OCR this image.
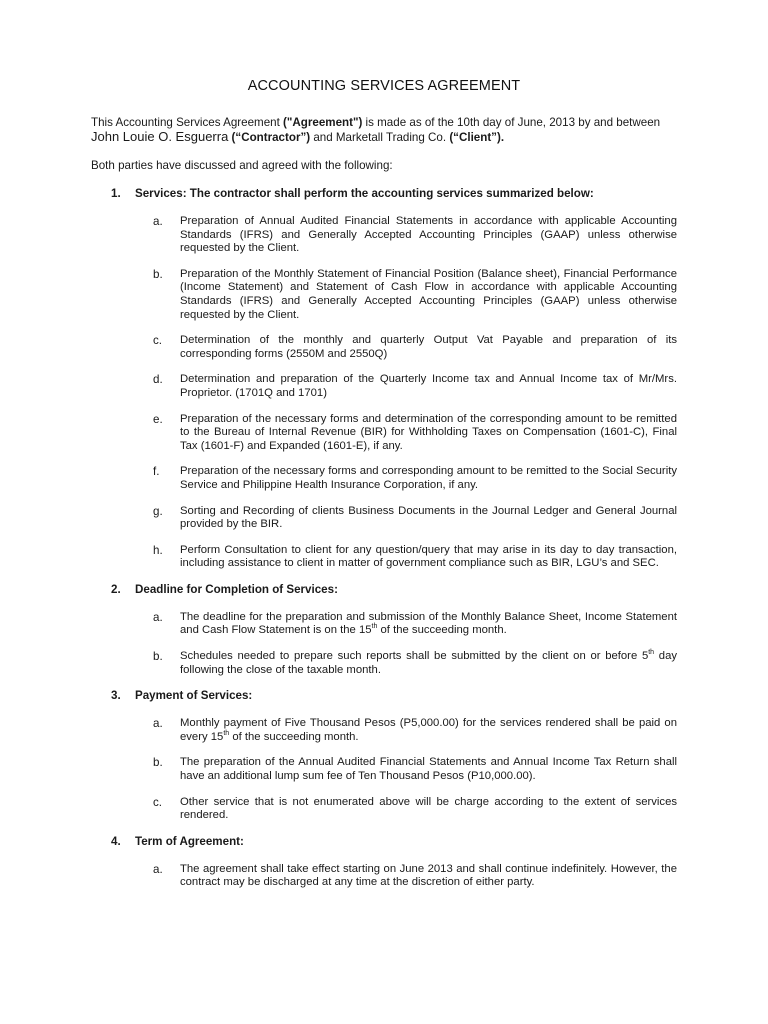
ACCOUNTING SERVICES AGREEMENT

This Accounting Services Agreement ("Agreement") is made as of the 10th day of June, 2013 by and between John Louie O. Esguerra (“Contractor”) and Marketall Trading Co. (“Client”).

Both parties have discussed and agreed with the following:

1.	Services: The contractor shall perform the accounting services summarized below:
a.	Preparation of Annual Audited Financial Statements in accordance with applicable Accounting Standards (IFRS) and Generally Accepted Accounting Principles (GAAP) unless otherwise requested by the Client.
b.	Preparation of the Monthly Statement of Financial Position (Balance sheet), Financial Performance (Income Statement) and Statement of Cash Flow in accordance with applicable Accounting Standards (IFRS) and Generally Accepted Accounting Principles (GAAP) unless otherwise requested by the Client.
c.	Determination of the monthly and quarterly Output Vat Payable and preparation of its corresponding forms (2550M and 2550Q)
d.	Determination and preparation of the Quarterly Income tax and Annual Income tax of Mr/Mrs. Proprietor. (1701Q and 1701)
e.	Preparation of the necessary forms and determination of the corresponding amount to be remitted to the Bureau of Internal Revenue (BIR) for Withholding Taxes on Compensation (1601-C), Final Tax (1601-F) and Expanded (1601-E), if any.
f.	Preparation of the necessary forms and corresponding amount to be remitted to the Social Security Service and Philippine Health Insurance Corporation, if any.
g.	Sorting and Recording of clients Business Documents in the Journal Ledger and General Journal provided by the BIR.
h.	Perform Consultation to client for any question/query that may arise in its day to day transaction, including assistance to client in matter of government compliance such as BIR, LGU’s and SEC.
2.	Deadline for Completion of Services:
a.	The deadline for the preparation and submission of the Monthly Balance Sheet, Income Statement and Cash Flow Statement is on the 15th of the succeeding month.
b.	Schedules needed to prepare such reports shall be submitted by the client on or before 5th day following the close of the taxable month.
3.	Payment of Services:
a.	Monthly payment of Five Thousand Pesos (P5,000.00) for the services rendered shall be paid on every 15th of the succeeding month.
b.	The preparation of the Annual Audited Financial Statements and Annual Income Tax Return shall have an additional lump sum fee of Ten Thousand Pesos (P10,000.00).
c.	Other service that is not enumerated above will be charge according to the extent of services rendered.
4.	Term of Agreement:
a.	The agreement shall take effect starting on June 2013 and shall continue indefinitely. However, the contract may be discharged at any time at the discretion of either party.
